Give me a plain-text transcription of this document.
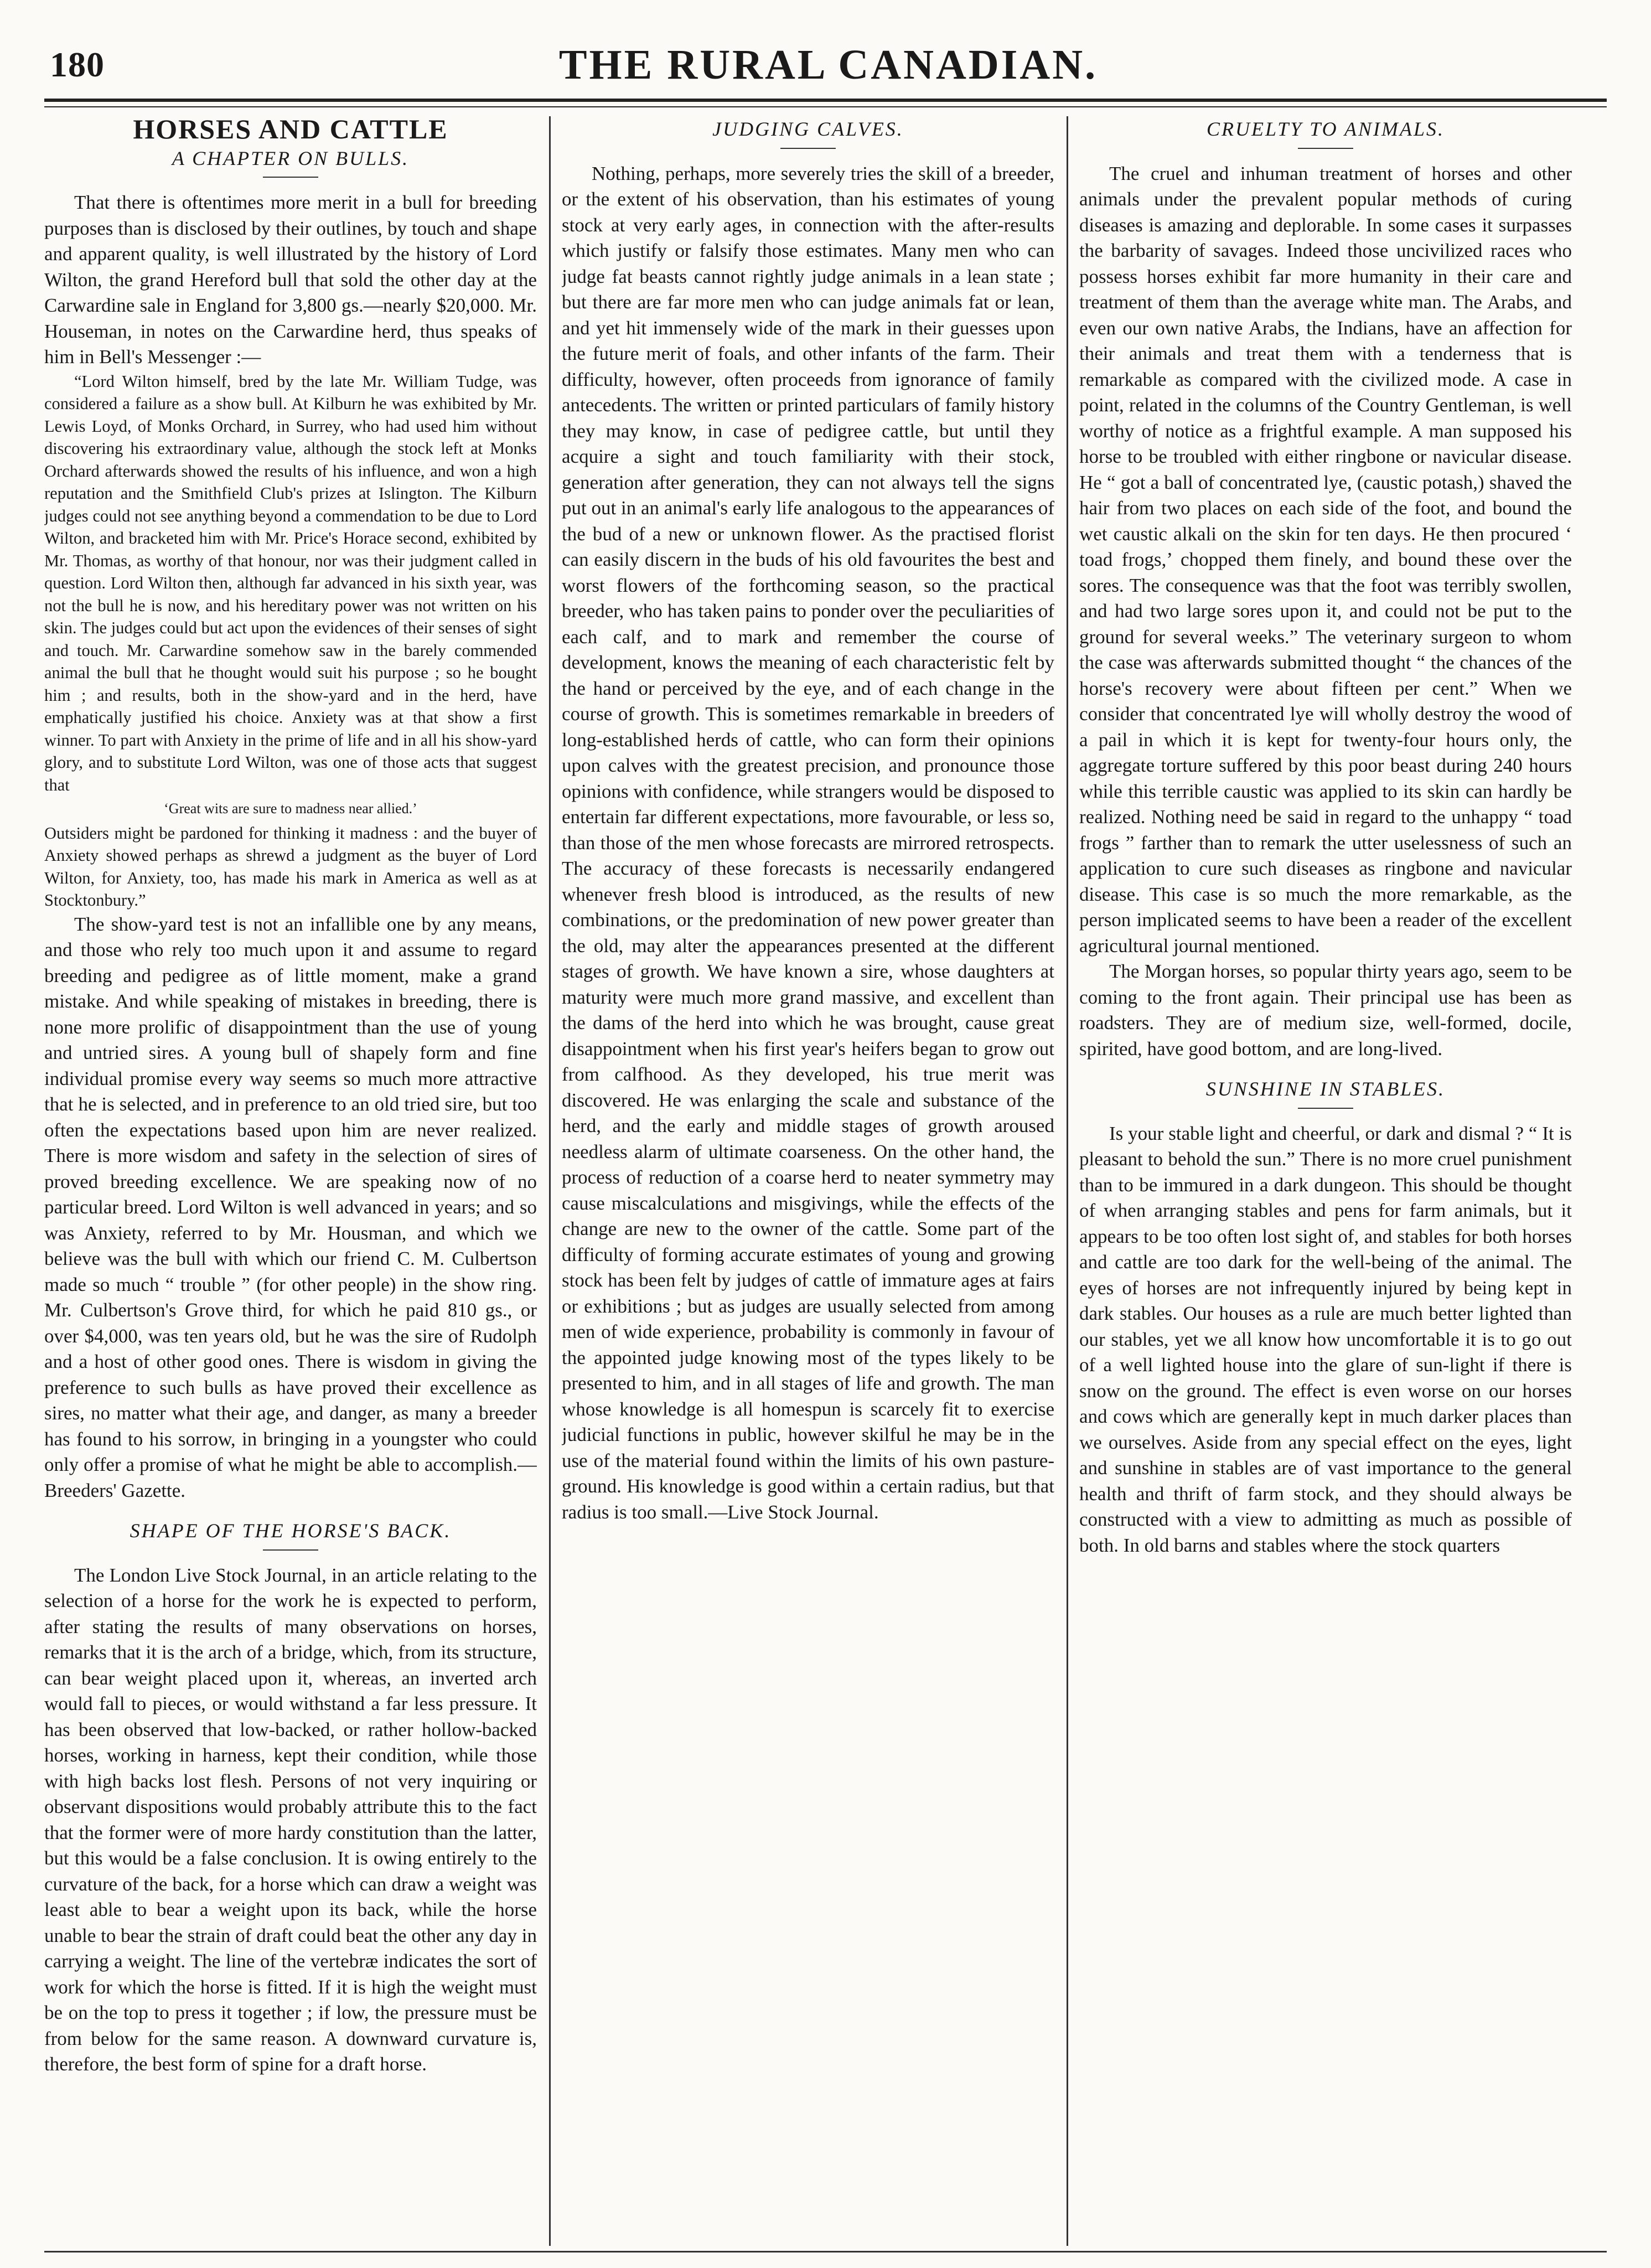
180	THE RURAL CANADIAN.
HORSES AND CATTLE
A CHAPTER ON BULLS.

That there is oftentimes more merit in a bull for breeding purposes than is disclosed by their outlines, by touch and shape and apparent quality, is well illustrated by the history of Lord Wilton, the grand Hereford bull that sold the other day at the Carwardine sale in England for 3,800 gs.—nearly $20,000. Mr. Houseman, in notes on the Carwardine herd, thus speaks of him in Bell's Messenger :—

“Lord Wilton himself, bred by the late Mr. William Tudge, was considered a failure as a show bull. At Kilburn he was exhibited by Mr. Lewis Loyd, of Monks Orchard, in Surrey, who had used him without discovering his extraordinary value, although the stock left at Monks Orchard afterwards showed the results of his influence, and won a high reputation and the Smithfield Club's prizes at Islington. The Kilburn judges could not see anything beyond a commendation to be due to Lord Wilton, and bracketed him with Mr. Price's Horace second, exhibited by Mr. Thomas, as worthy of that honour, nor was their judgment called in question. Lord Wilton then, although far advanced in his sixth year, was not the bull he is now, and his hereditary power was not written on his skin. The judges could but act upon the evidences of their senses of sight and touch. Mr. Carwardine somehow saw in the barely commended animal the bull that he thought would suit his purpose ; so he bought him ; and results, both in the show-yard and in the herd, have emphatically justified his choice. Anxiety was at that show a first winner. To part with Anxiety in the prime of life and in all his show-yard glory, and to substitute Lord Wilton, was one of those acts that suggest that

‘Great wits are sure to madness near allied.’

Outsiders might be pardoned for thinking it madness : and the buyer of Anxiety showed perhaps as shrewd a judgment as the buyer of Lord Wilton, for Anxiety, too, has made his mark in America as well as at Stocktonbury.”

The show-yard test is not an infallible one by any means, and those who rely too much upon it and assume to regard breeding and pedigree as of little moment, make a grand mistake. And while speaking of mistakes in breeding, there is none more prolific of disappointment than the use of young and untried sires. A young bull of shapely form and fine individual promise every way seems so much more attractive that he is selected, and in preference to an old tried sire, but too often the expectations based upon him are never realized. There is more wisdom and safety in the selection of sires of proved breeding excellence. We are speaking now of no particular breed. Lord Wilton is well advanced in years; and so was Anxiety, referred to by Mr. Housman, and which we believe was the bull with which our friend C. M. Culbertson made so much “ trouble ” (for other people) in the show ring. Mr. Culbertson's Grove third, for which he paid 810 gs., or over $4,000, was ten years old, but he was the sire of Rudolph and a host of other good ones. There is wisdom in giving the preference to such bulls as have proved their excellence as sires, no matter what their age, and danger, as many a breeder has found to his sorrow, in bringing in a youngster who could only offer a promise of what he might be able to accomplish.—Breeders' Gazette.

SHAPE OF THE HORSE'S BACK.

The London Live Stock Journal, in an article relating to the selection of a horse for the work he is expected to perform, after stating the results of many observations on horses, remarks that it is the arch of a bridge, which, from its structure, can bear weight placed upon it, whereas, an inverted arch would fall to pieces, or would withstand a far less pressure. It has been observed that low-backed, or rather hollow-backed horses, working in harness, kept their condition, while those with high backs lost flesh. Persons of not very inquiring or observant dispositions would probably attribute this to the fact that the former were of more hardy constitution than the latter, but this would be a false conclusion. It is owing entirely to the curvature of the back, for a horse which can draw a weight was least able to bear a weight upon its back, while the horse unable to bear the strain of draft could beat the other any day in carrying a weight. The line of the vertebræ indicates the sort of work for which the horse is fitted. If it is high the weight must be on the top to press it together ; if low, the pressure must be from below for the same reason. A downward curvature is, therefore, the best form of spine for a draft horse.

JUDGING CALVES.

Nothing, perhaps, more severely tries the skill of a breeder, or the extent of his observation, than his estimates of young stock at very early ages, in connection with the after-results which justify or falsify those estimates. Many men who can judge fat beasts cannot rightly judge animals in a lean state ; but there are far more men who can judge animals fat or lean, and yet hit immensely wide of the mark in their guesses upon the future merit of foals, and other infants of the farm. Their difficulty, however, often proceeds from ignorance of family antecedents. The written or printed particulars of family history they may know, in case of pedigree cattle, but until they acquire a sight and touch familiarity with their stock, generation after generation, they can not always tell the signs put out in an animal's early life analogous to the appearances of the bud of a new or unknown flower. As the practised florist can easily discern in the buds of his old favourites the best and worst flowers of the forthcoming season, so the practical breeder, who has taken pains to ponder over the peculiarities of each calf, and to mark and remember the course of development, knows the meaning of each characteristic felt by the hand or perceived by the eye, and of each change in the course of growth. This is sometimes remarkable in breeders of long-established herds of cattle, who can form their opinions upon calves with the greatest precision, and pronounce those opinions with confidence, while strangers would be disposed to entertain far different expectations, more favourable, or less so, than those of the men whose forecasts are mirrored retrospects. The accuracy of these forecasts is necessarily endangered whenever fresh blood is introduced, as the results of new combinations, or the predomination of new power greater than the old, may alter the appearances presented at the different stages of growth. We have known a sire, whose daughters at maturity were much more grand massive, and excellent than the dams of the herd into which he was brought, cause great disappointment when his first year's heifers began to grow out from calfhood. As they developed, his true merit was discovered. He was enlarging the scale and substance of the herd, and the early and middle stages of growth aroused needless alarm of ultimate coarseness. On the other hand, the process of reduction of a coarse herd to neater symmetry may cause miscalculations and misgivings, while the effects of the change are new to the owner of the cattle. Some part of the difficulty of forming accurate estimates of young and growing stock has been felt by judges of cattle of immature ages at fairs or exhibitions ; but as judges are usually selected from among men of wide experience, probability is commonly in favour of the appointed judge knowing most of the types likely to be presented to him, and in all stages of life and growth. The man whose knowledge is all homespun is scarcely fit to exercise judicial functions in public, however skilful he may be in the use of the material found within the limits of his own pasture-ground. His knowledge is good within a certain radius, but that radius is too small.—Live Stock Journal.

CRUELTY TO ANIMALS.

The cruel and inhuman treatment of horses and other animals under the prevalent popular methods of curing diseases is amazing and deplorable. In some cases it surpasses the barbarity of savages. Indeed those uncivilized races who possess horses exhibit far more humanity in their care and treatment of them than the average white man. The Arabs, and even our own native Arabs, the Indians, have an affection for their animals and treat them with a tenderness that is remarkable as compared with the civilized mode. A case in point, related in the columns of the Country Gentleman, is well worthy of notice as a frightful example. A man supposed his horse to be troubled with either ringbone or navicular disease. He “ got a ball of concentrated lye, (caustic potash,) shaved the hair from two places on each side of the foot, and bound the wet caustic alkali on the skin for ten days. He then procured ‘ toad frogs,’ chopped them finely, and bound these over the sores. The consequence was that the foot was terribly swollen, and had two large sores upon it, and could not be put to the ground for several weeks.” The veterinary surgeon to whom the case was afterwards submitted thought “ the chances of the horse's recovery were about fifteen per cent.” When we consider that concentrated lye will wholly destroy the wood of a pail in which it is kept for twenty-four hours only, the aggregate torture suffered by this poor beast during 240 hours while this terrible caustic was applied to its skin can hardly be realized. Nothing need be said in regard to the unhappy “ toad frogs ” farther than to remark the utter uselessness of such an application to cure such diseases as ringbone and navicular disease. This case is so much the more remarkable, as the person implicated seems to have been a reader of the excellent agricultural journal mentioned.

The Morgan horses, so popular thirty years ago, seem to be coming to the front again. Their principal use has been as roadsters. They are of medium size, well-formed, docile, spirited, have good bottom, and are long-lived.

SUNSHINE IN STABLES.

Is your stable light and cheerful, or dark and dismal ? “ It is pleasant to behold the sun.” There is no more cruel punishment than to be immured in a dark dungeon. This should be thought of when arranging stables and pens for farm animals, but it appears to be too often lost sight of, and stables for both horses and cattle are too dark for the well-being of the animal. The eyes of horses are not infrequently injured by being kept in dark stables. Our houses as a rule are much better lighted than our stables, yet we all know how uncomfortable it is to go out of a well lighted house into the glare of sun-light if there is snow on the ground. The effect is even worse on our horses and cows which are generally kept in much darker places than we ourselves. Aside from any special effect on the eyes, light and sunshine in stables are of vast importance to the general health and thrift of farm stock, and they should always be constructed with a view to admitting as much as possible of both. In old barns and stables where the stock quarters
